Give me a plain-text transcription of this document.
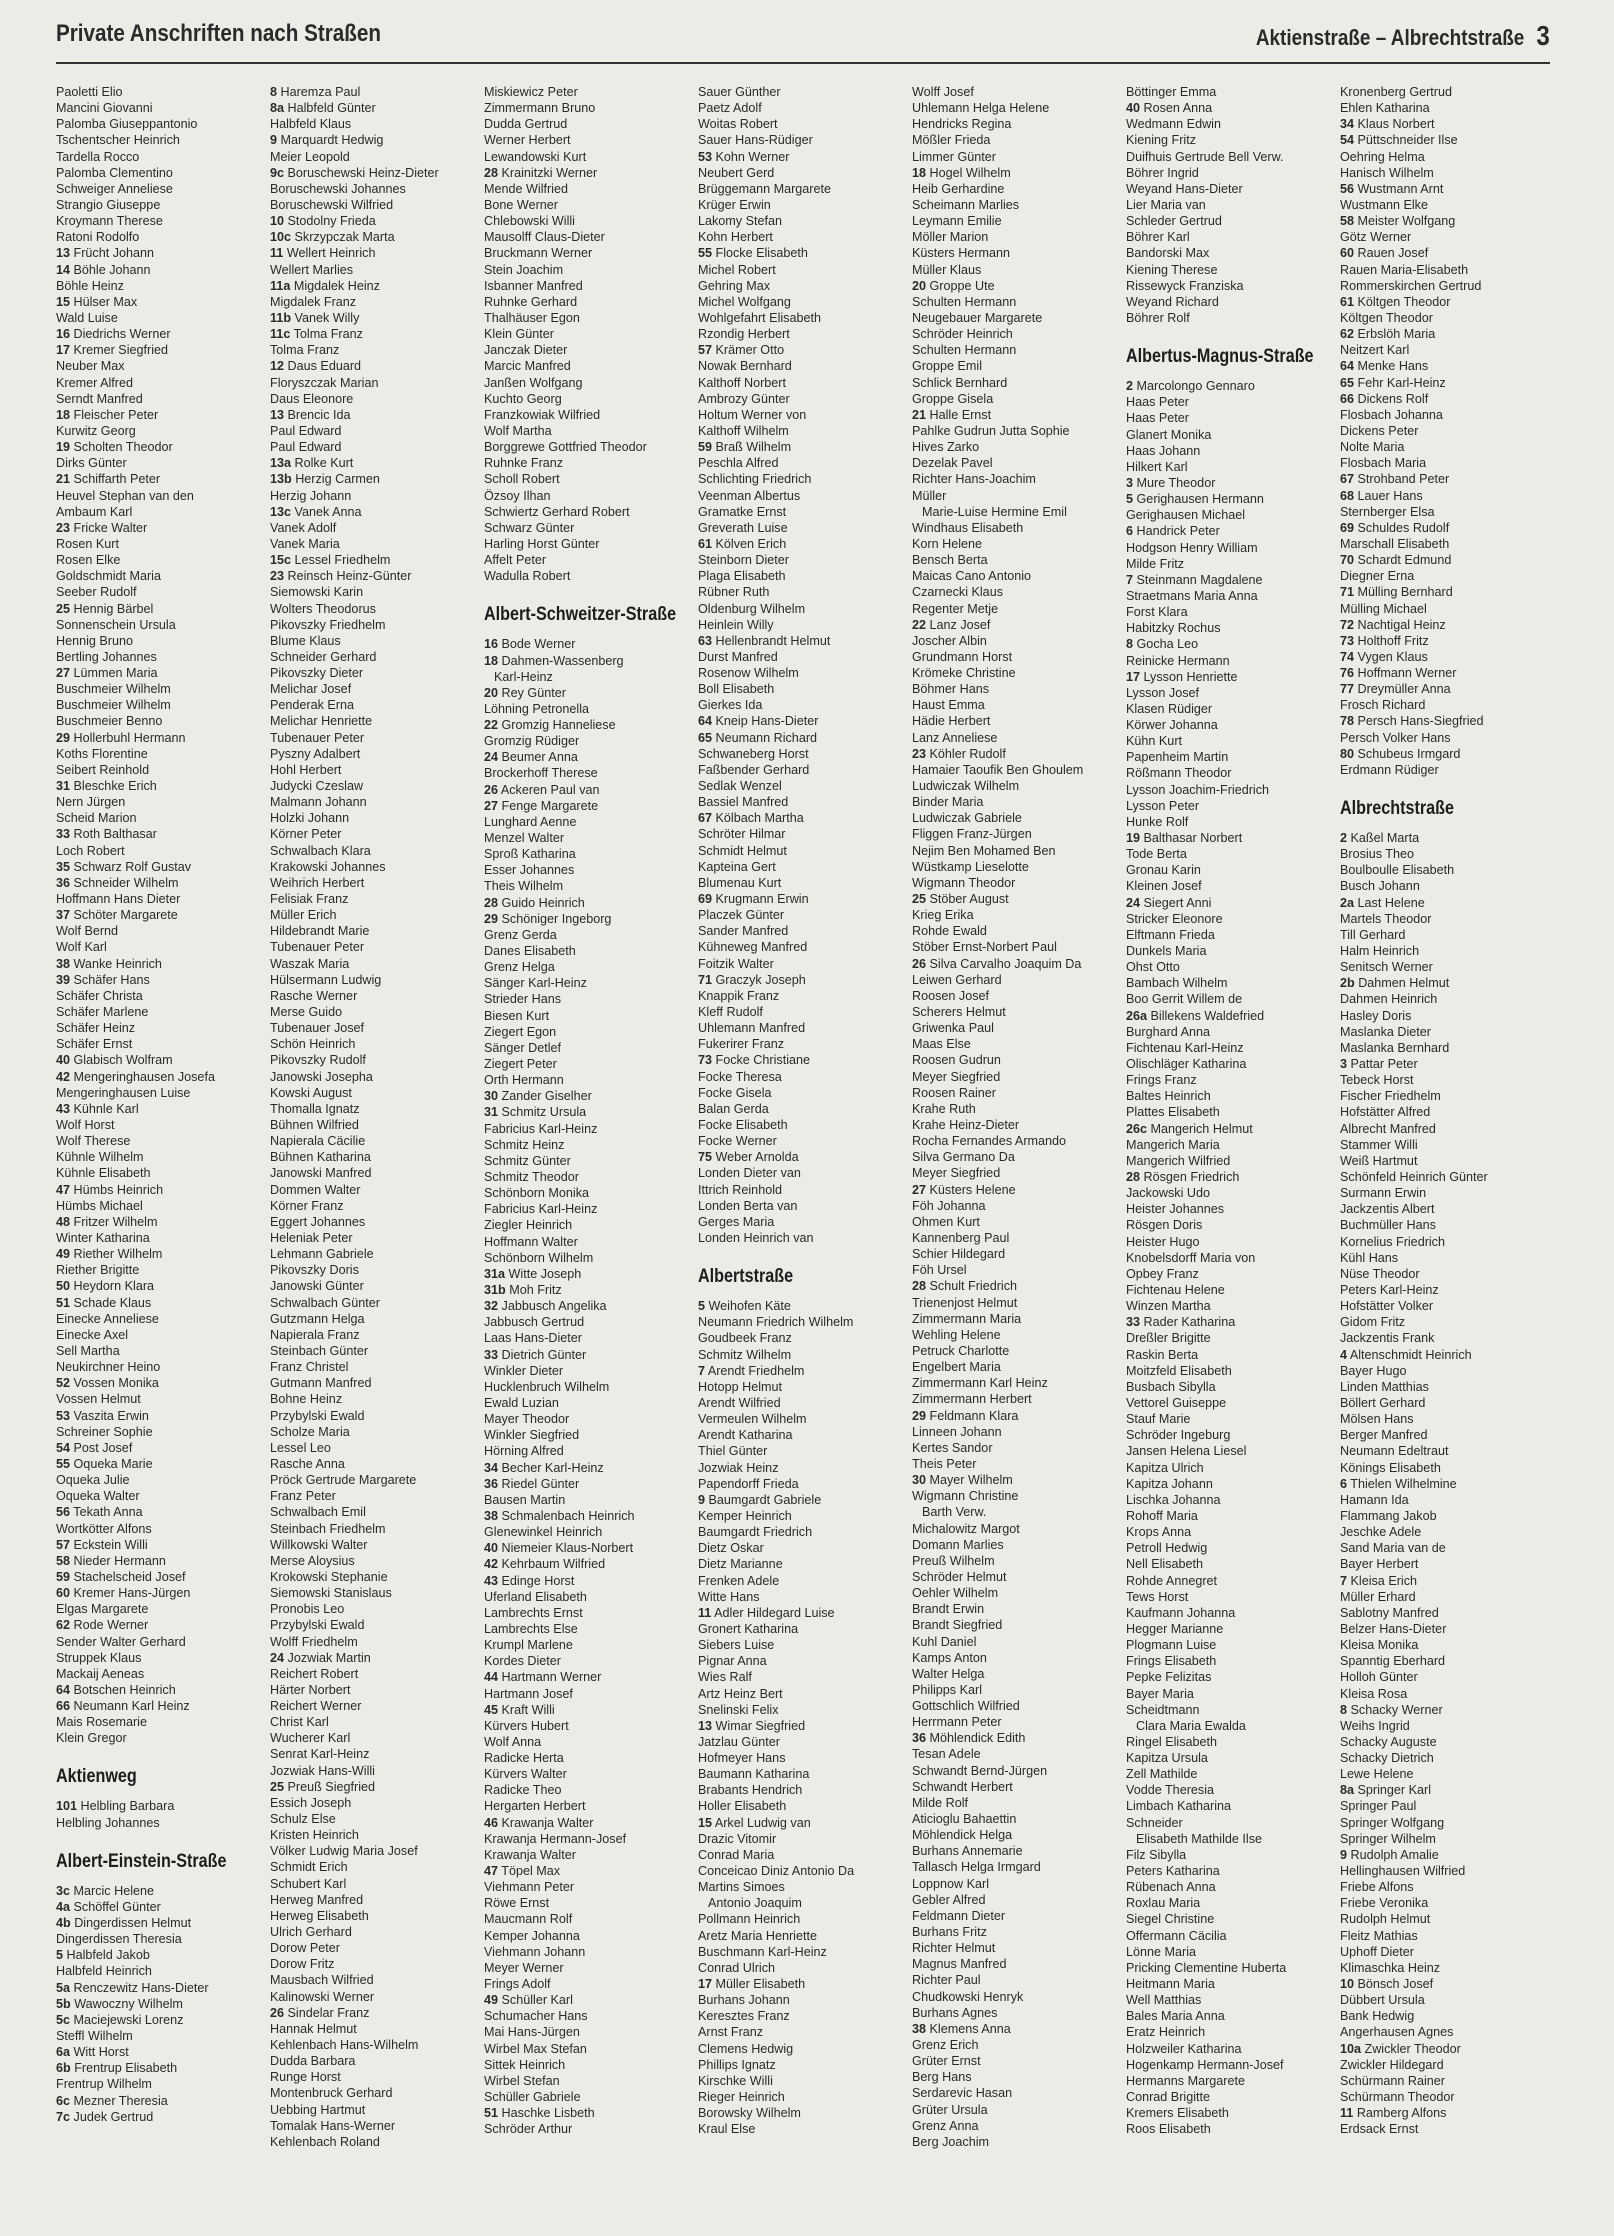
Private Anschriften nach Straßen	Aktienstraße – Albrechtstraße 3
Paoletti Elio
Mancini Giovanni
Palomba Giuseppantonio
Tschentscher Heinrich
Tardella Rocco
Palomba Clementino
Schweiger Anneliese
Strangio Giuseppe
Kroymann Therese
Ratoni Rodolfo
13 Frücht Johann
14 Böhle Johann
Böhle Heinz
15 Hülser Max
Wald Luise
16 Diedrichs Werner
17 Kremer Siegfried
Neuber Max
Kremer Alfred
Serndt Manfred
18 Fleischer Peter
Kurwitz Georg
19 Scholten Theodor
Dirks Günter
21 Schiffarth Peter
Heuvel Stephan van den
Ambaum Karl
23 Fricke Walter
Rosen Kurt
Rosen Elke
Goldschmidt Maria
Seeber Rudolf
25 Hennig Bärbel
Sonnenschein Ursula
Hennig Bruno
Bertling Johannes
27 Lümmen Maria
Buschmeier Wilhelm
Buschmeier Wilhelm
Buschmeier Benno
29 Hollerbuhl Hermann
Koths Florentine
Seibert Reinhold
31 Bleschke Erich
Nern Jürgen
Scheid Marion
33 Roth Balthasar
Loch Robert
35 Schwarz Rolf Gustav
36 Schneider Wilhelm
Hoffmann Hans Dieter
37 Schöter Margarete
Wolf Bernd
Wolf Karl
38 Wanke Heinrich
39 Schäfer Hans
Schäfer Christa
Schäfer Marlene
Schäfer Heinz
Schäfer Ernst
40 Glabisch Wolfram
42 Mengeringhausen Josefa
Mengeringhausen Luise
43 Kühnle Karl
Wolf Horst
Wolf Therese
Kühnle Wilhelm
Kühnle Elisabeth
47 Hümbs Heinrich
Hümbs Michael
48 Fritzer Wilhelm
Winter Katharina
49 Riether Wilhelm
Riether Brigitte
50 Heydorn Klara
51 Schade Klaus
Einecke Anneliese
Einecke Axel
Sell Martha
Neukirchner Heino
52 Vossen Monika
Vossen Helmut
53 Vaszita Erwin
Schreiner Sophie
54 Post Josef
55 Oqueka Marie
Oqueka Julie
Oqueka Walter
56 Tekath Anna
Wortkötter Alfons
57 Eckstein Willi
58 Nieder Hermann
59 Stachelscheid Josef
60 Kremer Hans-Jürgen
Elgas Margarete
62 Rode Werner
Sender Walter Gerhard
Struppek Klaus
Mackaij Aeneas
64 Botschen Heinrich
66 Neumann Karl Heinz
Mais Rosemarie
Klein Gregor
Aktienweg
101 Helbling Barbara
Helbling Johannes
Albert-Einstein-Straße
3c Marcic Helene
4a Schöffel Günter
4b Dingerdissen Helmut
Dingerdissen Theresia
5 Halbfeld Jakob
Halbfeld Heinrich
5a Renczewitz Hans-Dieter
5b Wawoczny Wilhelm
5c Maciejewski Lorenz
Steffl Wilhelm
6a Witt Horst
6b Frentrup Elisabeth
Frentrup Wilhelm
6c Mezner Theresia
7c Judek Gertrud
8 Haremza Paul
8a Halbfeld Günter
Halbfeld Klaus
9 Marquardt Hedwig
Meier Leopold
9c Boruschewski Heinz-Dieter
Boruschewski Johannes
Boruschewski Wilfried
10 Stodolny Frieda
10c Skrzypczak Marta
11 Wellert Heinrich
Wellert Marlies
11a Migdalek Heinz
Migdalek Franz
11b Vanek Willy
11c Tolma Franz
Tolma Franz
12 Daus Eduard
Floryszczak Marian
Daus Eleonore
13 Brencic Ida
Paul Edward
Paul Edward
13a Rolke Kurt
13b Herzig Carmen
Herzig Johann
13c Vanek Anna
Vanek Adolf
Vanek Maria
15c Lessel Friedhelm
23 Reinsch Heinz-Günter
Siemowski Karin
Wolters Theodorus
Pikovszky Friedhelm
Blume Klaus
Schneider Gerhard
Pikovszky Dieter
Melichar Josef
Penderak Erna
Melichar Henriette
Tubenauer Peter
Pyszny Adalbert
Hohl Herbert
Judycki Czeslaw
Malmann Johann
Holzki Johann
Körner Peter
Schwalbach Klara
Krakowski Johannes
Weihrich Herbert
Felisiak Franz
Müller Erich
Hildebrandt Marie
Tubenauer Peter
Waszak Maria
Hülsermann Ludwig
Rasche Werner
Merse Guido
Tubenauer Josef
Schön Heinrich
Pikovszky Rudolf
Janowski Josepha
Kowski August
Thomalla Ignatz
Bühnen Wilfried
Napierala Cäcilie
Bühnen Katharina
Janowski Manfred
Dommen Walter
Körner Franz
Eggert Johannes
Heleniak Peter
Lehmann Gabriele
Pikovszky Doris
Janowski Günter
Schwalbach Günter
Gutzmann Helga
Napierala Franz
Steinbach Günter
Franz Christel
Gutmann Manfred
Bohne Heinz
Przybylski Ewald
Scholze Maria
Lessel Leo
Rasche Anna
Pröck Gertrude Margarete
Franz Peter
Schwalbach Emil
Steinbach Friedhelm
Willkowski Walter
Merse Aloysius
Krokowski Stephanie
Siemowski Stanislaus
Pronobis Leo
Przybylski Ewald
Wolff Friedhelm
24 Jozwiak Martin
Reichert Robert
Härter Norbert
Reichert Werner
Christ Karl
Wucherer Karl
Senrat Karl-Heinz
Jozwiak Hans-Willi
25 Preuß Siegfried
Essich Joseph
Schulz Else
Kristen Heinrich
Völker Ludwig Maria Josef
Schmidt Erich
Schubert Karl
Herweg Manfred
Herweg Elisabeth
Ulrich Gerhard
Dorow Peter
Dorow Fritz
Mausbach Wilfried
Kalinowski Werner
26 Sindelar Franz
Hannak Helmut
Kehlenbach Hans-Wilhelm
Dudda Barbara
Runge Horst
Montenbruck Gerhard
Uebbing Hartmut
Tomalak Hans-Werner
Kehlenbach Roland
Miskiewicz Peter
Zimmermann Bruno
Dudda Gertrud
Werner Herbert
Lewandowski Kurt
28 Krainitzki Werner
Mende Wilfried
Bone Werner
Chlebowski Willi
Mausolff Claus-Dieter
Bruckmann Werner
Stein Joachim
Isbanner Manfred
Ruhnke Gerhard
Thalhäuser Egon
Klein Günter
Janczak Dieter
Marcic Manfred
Janßen Wolfgang
Kuchto Georg
Franzkowiak Wilfried
Wolf Martha
Borggrewe Gottfried Theodor
Ruhnke Franz
Scholl Robert
Özsoy Ilhan
Schwiertz Gerhard Robert
Schwarz Günter
Harling Horst Günter
Affelt Peter
Wadulla Robert
Albert-Schweitzer-Straße
16 Bode Werner
18 Dahmen-Wassenberg
Karl-Heinz
20 Rey Günter
Löhning Petronella
22 Gromzig Hanneliese
Gromzig Rüdiger
24 Beumer Anna
Brockerhoff Therese
26 Ackeren Paul van
27 Fenge Margarete
Lunghard Aenne
Menzel Walter
Sproß Katharina
Esser Johannes
Theis Wilhelm
28 Guido Heinrich
29 Schöniger Ingeborg
Grenz Gerda
Danes Elisabeth
Grenz Helga
Sänger Karl-Heinz
Strieder Hans
Biesen Kurt
Ziegert Egon
Sänger Detlef
Ziegert Peter
Orth Hermann
30 Zander Giselher
31 Schmitz Ursula
Fabricius Karl-Heinz
Schmitz Heinz
Schmitz Günter
Schmitz Theodor
Schönborn Monika
Fabricius Karl-Heinz
Ziegler Heinrich
Hoffmann Walter
Schönborn Wilhelm
31a Witte Joseph
31b Moh Fritz
32 Jabbusch Angelika
Jabbusch Gertrud
Laas Hans-Dieter
33 Dietrich Günter
Winkler Dieter
Hucklenbruch Wilhelm
Ewald Luzian
Mayer Theodor
Winkler Siegfried
Hörning Alfred
34 Becher Karl-Heinz
36 Riedel Günter
Bausen Martin
38 Schmalenbach Heinrich
Glenewinkel Heinrich
40 Niemeier Klaus-Norbert
42 Kehrbaum Wilfried
43 Edinge Horst
Uferland Elisabeth
Lambrechts Ernst
Lambrechts Else
Krumpl Marlene
Kordes Dieter
44 Hartmann Werner
Hartmann Josef
45 Kraft Willi
Kürvers Hubert
Wolf Anna
Radicke Herta
Kürvers Walter
Radicke Theo
Hergarten Herbert
46 Krawanja Walter
Krawanja Hermann-Josef
Krawanja Walter
47 Töpel Max
Viehmann Peter
Röwe Ernst
Maucmann Rolf
Kemper Johanna
Viehmann Johann
Meyer Werner
Frings Adolf
49 Schüller Karl
Schumacher Hans
Mai Hans-Jürgen
Wirbel Max Stefan
Sittek Heinrich
Wirbel Stefan
Schüller Gabriele
51 Haschke Lisbeth
Schröder Arthur
Sauer Günther
Paetz Adolf
Woitas Robert
Sauer Hans-Rüdiger
53 Kohn Werner
Neubert Gerd
Brüggemann Margarete
Krüger Erwin
Lakomy Stefan
Kohn Herbert
55 Flocke Elisabeth
Michel Robert
Gehring Max
Michel Wolfgang
Wohlgefahrt Elisabeth
Rzondig Herbert
57 Krämer Otto
Nowak Bernhard
Kalthoff Norbert
Ambrozy Günter
Holtum Werner von
Kalthoff Wilhelm
59 Braß Wilhelm
Peschla Alfred
Schlichting Friedrich
Veenman Albertus
Gramatke Ernst
Greverath Luise
61 Kölven Erich
Steinborn Dieter
Plaga Elisabeth
Rübner Ruth
Oldenburg Wilhelm
Heinlein Willy
63 Hellenbrandt Helmut
Durst Manfred
Rosenow Wilhelm
Boll Elisabeth
Gierkes Ida
64 Kneip Hans-Dieter
65 Neumann Richard
Schwaneberg Horst
Faßbender Gerhard
Sedlak Wenzel
Bassiel Manfred
67 Kölbach Martha
Schröter Hilmar
Schmidt Helmut
Kapteina Gert
Blumenau Kurt
69 Krugmann Erwin
Placzek Günter
Sander Manfred
Kühneweg Manfred
Foitzik Walter
71 Graczyk Joseph
Knappik Franz
Kleff Rudolf
Uhlemann Manfred
Fukerirer Franz
73 Focke Christiane
Focke Theresa
Focke Gisela
Balan Gerda
Focke Elisabeth
Focke Werner
75 Weber Arnolda
Londen Dieter van
Ittrich Reinhold
Londen Berta van
Gerges Maria
Londen Heinrich van
Albertstraße
5 Weihofen Käte
Neumann Friedrich Wilhelm
Goudbeek Franz
Schmitz Wilhelm
7 Arendt Friedhelm
Hotopp Helmut
Arendt Wilfried
Vermeulen Wilhelm
Arendt Katharina
Thiel Günter
Jozwiak Heinz
Papendorff Frieda
9 Baumgardt Gabriele
Kemper Heinrich
Baumgardt Friedrich
Dietz Oskar
Dietz Marianne
Frenken Adele
Witte Hans
11 Adler Hildegard Luise
Gronert Katharina
Siebers Luise
Pignar Anna
Wies Ralf
Artz Heinz Bert
Snelinski Felix
13 Wimar Siegfried
Jatzlau Günter
Hofmeyer Hans
Baumann Katharina
Brabants Hendrich
Holler Elisabeth
15 Arkel Ludwig van
Drazic Vitomir
Conrad Maria
Conceicao Diniz Antonio Da
Martins Simoes
Antonio Joaquim
Pollmann Heinrich
Aretz Maria Henriette
Buschmann Karl-Heinz
Conrad Ulrich
17 Müller Elisabeth
Burhans Johann
Keresztes Franz
Arnst Franz
Clemens Hedwig
Phillips Ignatz
Kirschke Willi
Rieger Heinrich
Borowsky Wilhelm
Kraul Else
Wolff Josef
Uhlemann Helga Helene
Hendricks Regina
Mößler Frieda
Limmer Günter
18 Hogel Wilhelm
Heib Gerhardine
Scheimann Marlies
Leymann Emilie
Möller Marion
Küsters Hermann
Müller Klaus
20 Groppe Ute
Schulten Hermann
Neugebauer Margarete
Schröder Heinrich
Schulten Hermann
Groppe Emil
Schlick Bernhard
Groppe Gisela
21 Halle Ernst
Pahlke Gudrun Jutta Sophie
Hives Zarko
Dezelak Pavel
Richter Hans-Joachim
Müller
Marie-Luise Hermine Emil
Windhaus Elisabeth
Korn Helene
Bensch Berta
Maicas Cano Antonio
Czarnecki Klaus
Regenter Metje
22 Lanz Josef
Joscher Albin
Grundmann Horst
Krömeke Christine
Böhmer Hans
Haust Emma
Hädie Herbert
Lanz Anneliese
23 Köhler Rudolf
Hamaier Taoufik Ben Ghoulem
Ludwiczak Wilhelm
Binder Maria
Ludwiczak Gabriele
Fliggen Franz-Jürgen
Nejim Ben Mohamed Ben
Wüstkamp Lieselotte
Wigmann Theodor
25 Stöber August
Krieg Erika
Rohde Ewald
Stöber Ernst-Norbert Paul
26 Silva Carvalho Joaquim Da
Leiwen Gerhard
Roosen Josef
Scherers Helmut
Griwenka Paul
Maas Else
Roosen Gudrun
Meyer Siegfried
Roosen Rainer
Krahe Ruth
Krahe Heinz-Dieter
Rocha Fernandes Armando
Silva Germano Da
Meyer Siegfried
27 Küsters Helene
Föh Johanna
Ohmen Kurt
Kannenberg Paul
Schier Hildegard
Föh Ursel
28 Schult Friedrich
Trienenjost Helmut
Zimmermann Maria
Wehling Helene
Petruck Charlotte
Engelbert Maria
Zimmermann Karl Heinz
Zimmermann Herbert
29 Feldmann Klara
Linneen Johann
Kertes Sandor
Theis Peter
30 Mayer Wilhelm
Wigmann Christine
Barth Verw.
Michalowitz Margot
Domann Marlies
Preuß Wilhelm
Schröder Helmut
Oehler Wilhelm
Brandt Erwin
Brandt Siegfried
Kuhl Daniel
Kamps Anton
Walter Helga
Philipps Karl
Gottschlich Wilfried
Herrmann Peter
36 Möhlendick Edith
Tesan Adele
Schwandt Bernd-Jürgen
Schwandt Herbert
Milde Rolf
Aticioglu Bahaettin
Möhlendick Helga
Burhans Annemarie
Tallasch Helga Irmgard
Loppnow Karl
Gebler Alfred
Feldmann Dieter
Burhans Fritz
Richter Helmut
Magnus Manfred
Richter Paul
Chudkowski Henryk
Burhans Agnes
38 Klemens Anna
Grenz Erich
Grüter Ernst
Berg Hans
Serdarevic Hasan
Grüter Ursula
Grenz Anna
Berg Joachim
Böttinger Emma
40 Rosen Anna
Wedmann Edwin
Kiening Fritz
Duifhuis Gertrude Bell Verw.
Böhrer Ingrid
Weyand Hans-Dieter
Lier Maria van
Schleder Gertrud
Böhrer Karl
Bandorski Max
Kiening Therese
Rissewyck Franziska
Weyand Richard
Böhrer Rolf
Albertus-Magnus-Straße
2 Marcolongo Gennaro
Haas Peter
Haas Peter
Glanert Monika
Haas Johann
Hilkert Karl
3 Mure Theodor
5 Gerighausen Hermann
Gerighausen Michael
6 Handrick Peter
Hodgson Henry William
Milde Fritz
7 Steinmann Magdalene
Straetmans Maria Anna
Forst Klara
Habitzky Rochus
8 Gocha Leo
Reinicke Hermann
17 Lysson Henriette
Lysson Josef
Klasen Rüdiger
Körwer Johanna
Kühn Kurt
Papenheim Martin
Rößmann Theodor
Lysson Joachim-Friedrich
Lysson Peter
Hunke Rolf
19 Balthasar Norbert
Tode Berta
Gronau Karin
Kleinen Josef
24 Siegert Anni
Stricker Eleonore
Elftmann Frieda
Dunkels Maria
Ohst Otto
Bambach Wilhelm
Boo Gerrit Willem de
26a Billekens Waldefried
Burghard Anna
Fichtenau Karl-Heinz
Olischläger Katharina
Frings Franz
Baltes Heinrich
Plattes Elisabeth
26c Mangerich Helmut
Mangerich Maria
Mangerich Wilfried
28 Rösgen Friedrich
Jackowski Udo
Heister Johannes
Rösgen Doris
Heister Hugo
Knobelsdorff Maria von
Opbey Franz
Fichtenau Helene
Winzen Martha
33 Rader Katharina
Dreßler Brigitte
Raskin Berta
Moitzfeld Elisabeth
Busbach Sibylla
Vettorel Guiseppe
Stauf Marie
Schröder Ingeburg
Jansen Helena Liesel
Kapitza Ulrich
Kapitza Johann
Lischka Johanna
Rohoff Maria
Krops Anna
Petroll Hedwig
Nell Elisabeth
Rohde Annegret
Tews Horst
Kaufmann Johanna
Hegger Marianne
Plogmann Luise
Frings Elisabeth
Pepke Felizitas
Bayer Maria
Scheidtmann
Clara Maria Ewalda
Ringel Elisabeth
Kapitza Ursula
Zell Mathilde
Vodde Theresia
Limbach Katharina
Schneider
Elisabeth Mathilde Ilse
Filz Sibylla
Peters Katharina
Rübenach Anna
Roxlau Maria
Siegel Christine
Offermann Cäcilia
Lönne Maria
Pricking Clementine Huberta
Heitmann Maria
Well Matthias
Bales Maria Anna
Eratz Heinrich
Holzweiler Katharina
Hogenkamp Hermann-Josef
Hermanns Margarete
Conrad Brigitte
Kremers Elisabeth
Roos Elisabeth
Kronenberg Gertrud
Ehlen Katharina
34 Klaus Norbert
54 Püttschneider Ilse
Oehring Helma
Hanisch Wilhelm
56 Wustmann Arnt
Wustmann Elke
58 Meister Wolfgang
Götz Werner
60 Rauen Josef
Rauen Maria-Elisabeth
Rommerskirchen Gertrud
61 Költgen Theodor
Költgen Theodor
62 Erbslöh Maria
Neitzert Karl
64 Menke Hans
65 Fehr Karl-Heinz
66 Dickens Rolf
Flosbach Johanna
Dickens Peter
Nolte Maria
Flosbach Maria
67 Strohband Peter
68 Lauer Hans
Sternberger Elsa
69 Schuldes Rudolf
Marschall Elisabeth
70 Schardt Edmund
Diegner Erna
71 Mülling Bernhard
Mülling Michael
72 Nachtigal Heinz
73 Holthoff Fritz
74 Vygen Klaus
76 Hoffmann Werner
77 Dreymüller Anna
Frosch Richard
78 Persch Hans-Siegfried
Persch Volker Hans
80 Schubeus Irmgard
Erdmann Rüdiger
Albrechtstraße
2 Kaßel Marta
Brosius Theo
Boulboulle Elisabeth
Busch Johann
2a Last Helene
Martels Theodor
Till Gerhard
Halm Heinrich
Senitsch Werner
2b Dahmen Helmut
Dahmen Heinrich
Hasley Doris
Maslanka Dieter
Maslanka Bernhard
3 Pattar Peter
Tebeck Horst
Fischer Friedhelm
Hofstätter Alfred
Albrecht Manfred
Stammer Willi
Weiß Hartmut
Schönfeld Heinrich Günter
Surmann Erwin
Jackzentis Albert
Buchmüller Hans
Kornelius Friedrich
Kühl Hans
Nüse Theodor
Peters Karl-Heinz
Hofstätter Volker
Gidom Fritz
Jackzentis Frank
4 Altenschmidt Heinrich
Bayer Hugo
Linden Matthias
Böllert Gerhard
Mölsen Hans
Berger Manfred
Neumann Edeltraut
Könings Elisabeth
6 Thielen Wilhelmine
Hamann Ida
Flammang Jakob
Jeschke Adele
Sand Maria van de
Bayer Herbert
7 Kleisa Erich
Müller Erhard
Sablotny Manfred
Belzer Hans-Dieter
Kleisa Monika
Spanntig Eberhard
Holloh Günter
Kleisa Rosa
8 Schacky Werner
Weihs Ingrid
Schacky Auguste
Schacky Dietrich
Lewe Helene
8a Springer Karl
Springer Paul
Springer Wolfgang
Springer Wilhelm
9 Rudolph Amalie
Hellinghausen Wilfried
Friebe Alfons
Friebe Veronika
Rudolph Helmut
Fleitz Mathias
Uphoff Dieter
Klimaschka Heinz
10 Bönsch Josef
Dübbert Ursula
Bank Hedwig
Angerhausen Agnes
10a Zwickler Theodor
Zwickler Hildegard
Schürmann Rainer
Schürmann Theodor
11 Ramberg Alfons
Erdsack Ernst
